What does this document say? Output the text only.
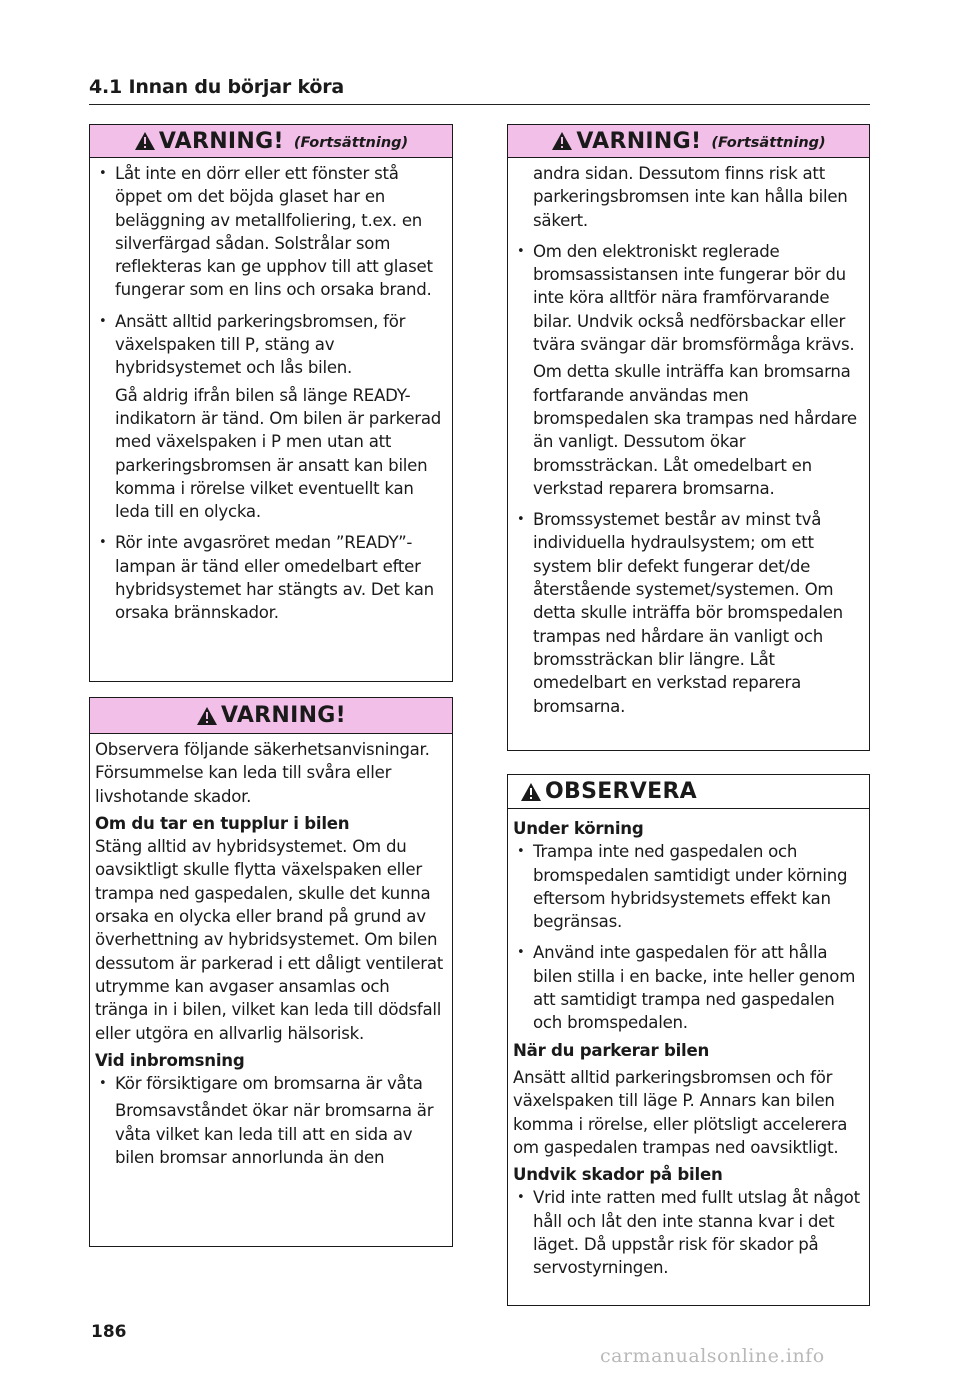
4.1 Innan du börjar köra
VARNING! (Fortsättning)

• Låt inte en dörr eller ett fönster stå öppet om det böjda glaset har en beläggning av metallfoliering, t.ex. en silverfärgad sådan. Solstrålar som reflekteras kan ge upphov till att glaset fungerar som en lins och orsaka brand.

• Ansätt alltid parkeringsbromsen, för växelspaken till P, stäng av hybridsystemet och lås bilen.

Gå aldrig ifrån bilen så länge READY-indikatorn är tänd. Om bilen är parkerad med växelspaken i P men utan att parkeringsbromsen är ansatt kan bilen komma i rörelse vilket eventuellt kan leda till en olycka.

• Rör inte avgasröret medan ”READY”-lampan är tänd eller omedelbart efter hybridsystemet har stängts av. Det kan orsaka brännskador.

VARNING!

Observera följande säkerhetsanvisningar. Försummelse kan leda till svåra eller livshotande skador.

Om du tar en tupplur i bilen

Stäng alltid av hybridsystemet. Om du oavsiktligt skulle flytta växelspaken eller trampa ned gaspedalen, skulle det kunna orsaka en olycka eller brand på grund av överhettning av hybridsystemet. Om bilen dessutom är parkerad i ett dåligt ventilerat utrymme kan avgaser ansamlas och tränga in i bilen, vilket kan leda till dödsfall eller utgöra en allvarlig hälsorisk.

Vid inbromsning

• Kör försiktigare om bromsarna är våta

Bromsavståndet ökar när bromsarna är våta vilket kan leda till att en sida av bilen bromsar annorlunda än den

VARNING! (Fortsättning)

andra sidan. Dessutom finns risk att parkeringsbromsen inte kan hålla bilen säkert.

• Om den elektroniskt reglerade bromsassistansen inte fungerar bör du inte köra alltför nära framförvarande bilar. Undvik också nedförsbackar eller tvära svängar där bromsförmåga krävs.

Om detta skulle inträffa kan bromsarna fortfarande användas men bromspedalen ska trampas ned hårdare än vanligt. Dessutom ökar bromssträckan. Låt omedelbart en verkstad reparera bromsarna.

• Bromssystemet består av minst två individuella hydraulsystem; om ett system blir defekt fungerar det/de återstående systemet/systemen. Om detta skulle inträffa bör bromspedalen trampas ned hårdare än vanligt och bromssträckan blir längre. Låt omedelbart en verkstad reparera bromsarna.

OBSERVERA

Under körning

• Trampa inte ned gaspedalen och bromspedalen samtidigt under körning eftersom hybridsystemets effekt kan begränsas.

• Använd inte gaspedalen för att hålla bilen stilla i en backe, inte heller genom att samtidigt trampa ned gaspedalen och bromspedalen.

När du parkerar bilen

Ansätt alltid parkeringsbromsen och för växelspaken till läge P. Annars kan bilen komma i rörelse, eller plötsligt accelerera om gaspedalen trampas ned oavsiktligt.

Undvik skador på bilen

• Vrid inte ratten med fullt utslag åt något håll och låt den inte stanna kvar i det läget. Då uppstår risk för skador på servostyrningen.

186
carmanualsonline.info
